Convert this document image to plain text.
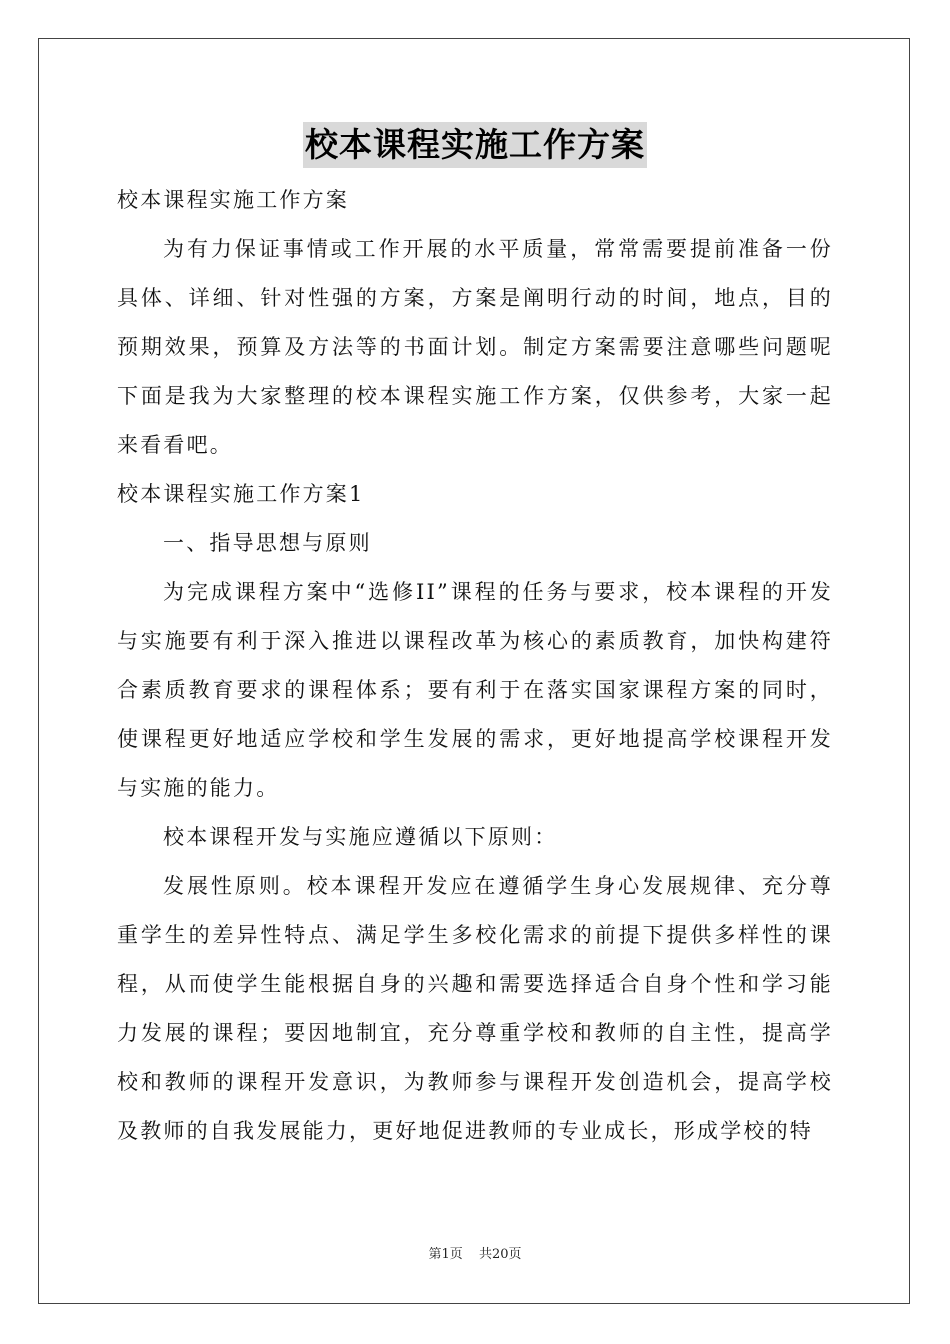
校本课程实施工作方案

校本课程实施工作方案

为有力保证事情或工作开展的水平质量，常常需要提前准备一份具体、详细、针对性强的方案，方案是阐明行动的时间，地点，目的预期效果，预算及方法等的书面计划。制定方案需要注意哪些问题呢下面是我为大家整理的校本课程实施工作方案，仅供参考，大家一起来看看吧。

校本课程实施工作方案1

一、指导思想与原则

为完成课程方案中“选修II”课程的任务与要求，校本课程的开发与实施要有利于深入推进以课程改革为核心的素质教育，加快构建符合素质教育要求的课程体系；要有利于在落实国家课程方案的同时，使课程更好地适应学校和学生发展的需求，更好地提高学校课程开发与实施的能力。

校本课程开发与实施应遵循以下原则：

发展性原则。校本课程开发应在遵循学生身心发展规律、充分尊重学生的差异性特点、满足学生多校化需求的前提下提供多样性的课程，从而使学生能根据自身的兴趣和需要选择适合自身个性和学习能力发展的课程；要因地制宜，充分尊重学校和教师的自主性，提高学校和教师的课程开发意识，为教师参与课程开发创造机会，提高学校及教师的自我发展能力，更好地促进教师的专业成长，形成学校的特

第1页 共20页
